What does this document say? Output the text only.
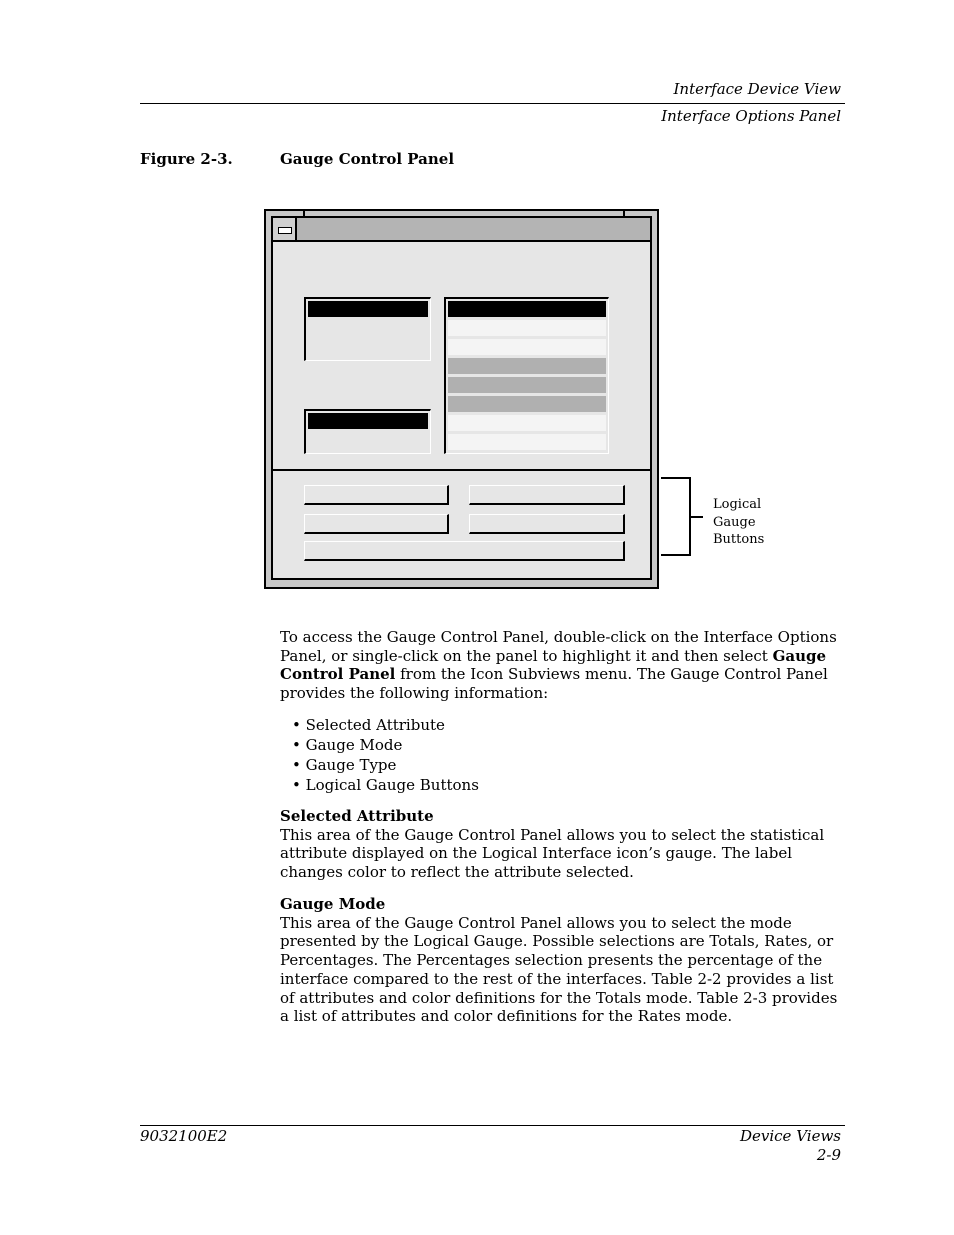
Interface Device View
Interface Options Panel
Figure 2-3.	Gauge Control Panel
Logical
Gauge
Buttons

To access the Gauge Control Panel, double-click on the Interface Options Panel, or single-click on the panel to highlight it and then select Gauge Control Panel from the Icon Subviews menu. The Gauge Control Panel provides the following information:

• Selected Attribute
• Gauge Mode
• Gauge Type
• Logical Gauge Buttons
Selected Attribute

This area of the Gauge Control Panel allows you to select the statistical attribute displayed on the Logical Interface icon’s gauge. The label changes color to reflect the attribute selected.

Gauge Mode

This area of the Gauge Control Panel allows you to select the mode presented by the Logical Gauge. Possible selections are Totals, Rates, or Percentages. The Percentages selection presents the percentage of the interface compared to the rest of the interfaces. Table 2-2 provides a list of attributes and color definitions for the Totals mode. Table 2-3 provides a list of attributes and color definitions for the Rates mode.

9032100E2	Device Views
2-9
